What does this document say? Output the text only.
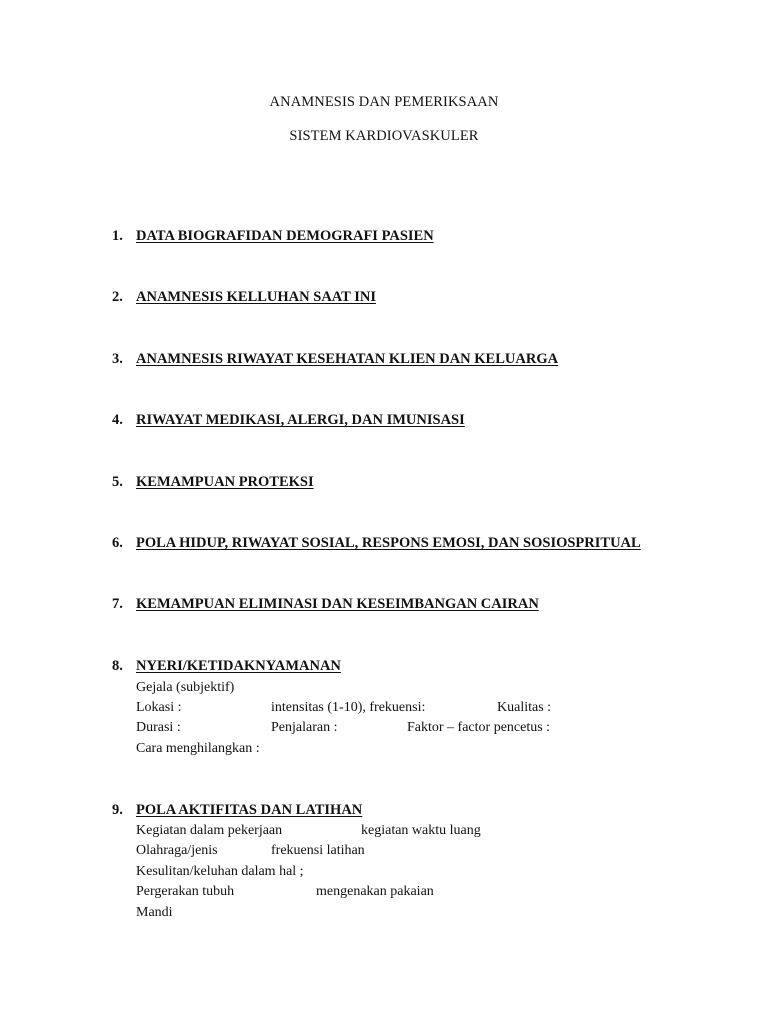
ANAMNESIS DAN PEMERIKSAAN
SISTEM KARDIOVASKULER
1. DATA BIOGRAFIDAN DEMOGRAFI PASIEN
2. ANAMNESIS KELLUHAN SAAT INI
3. ANAMNESIS RIWAYAT KESEHATAN KLIEN DAN KELUARGA
4. RIWAYAT MEDIKASI, ALERGI, DAN IMUNISASI
5. KEMAMPUAN PROTEKSI
6. POLA HIDUP, RIWAYAT SOSIAL, RESPONS EMOSI, DAN SOSIOSPRITUAL
7. KEMAMPUAN ELIMINASI DAN KESEIMBANGAN CAIRAN
8. NYERI/KETIDAKNYAMANAN
Gejala (subjektif)
Lokasi :	intensitas (1-10), frekuensi:	Kualitas :
Durasi :	Penjalaran :	Faktor – factor pencetus :
Cara menghilangkan :
9. POLA AKTIFITAS DAN LATIHAN
Kegiatan dalam pekerjaan	kegiatan waktu luang
Olahraga/jenis	frekuensi latihan
Kesulitan/keluhan dalam hal ;
Pergerakan tubuh	mengenakan pakaian
Mandi
